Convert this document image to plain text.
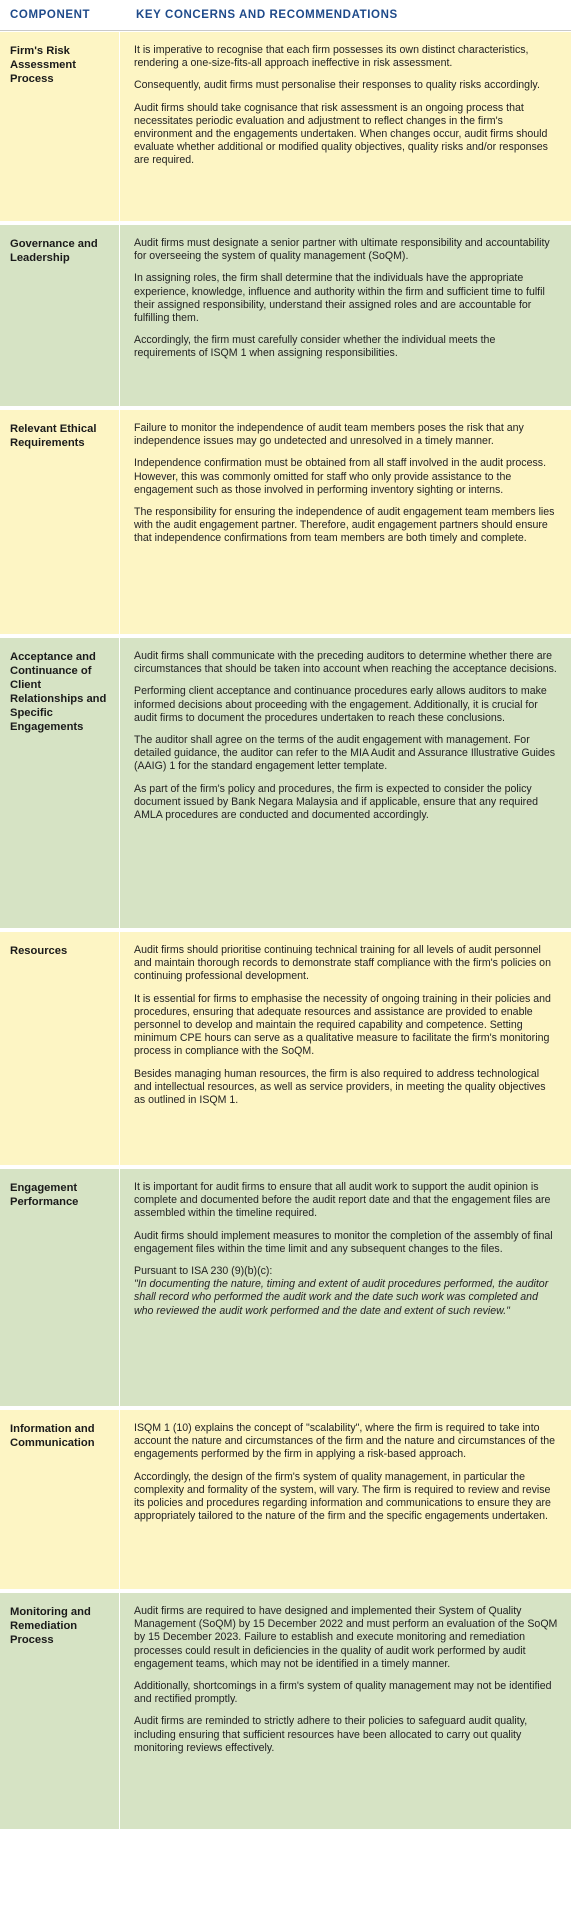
COMPONENT	KEY CONCERNS AND RECOMMENDATIONS
Firm's Risk Assessment Process

It is imperative to recognise that each firm possesses its own distinct characteristics, rendering a one-size-fits-all approach ineffective in risk assessment.

Consequently, audit firms must personalise their responses to quality risks accordingly.

Audit firms should take cognisance that risk assessment is an ongoing process that necessitates periodic evaluation and adjustment to reflect changes in the firm's environment and the engagements undertaken. When changes occur, audit firms should evaluate whether additional or modified quality objectives, quality risks and/or responses are required.

Governance and Leadership

Audit firms must designate a senior partner with ultimate responsibility and accountability for overseeing the system of quality management (SoQM).

In assigning roles, the firm shall determine that the individuals have the appropriate experience, knowledge, influence and authority within the firm and sufficient time to fulfil their assigned responsibility, understand their assigned roles and are accountable for fulfilling them.

Accordingly, the firm must carefully consider whether the individual meets the requirements of ISQM 1 when assigning responsibilities.

Relevant Ethical Requirements

Failure to monitor the independence of audit team members poses the risk that any independence issues may go undetected and unresolved in a timely manner.

Independence confirmation must be obtained from all staff involved in the audit process. However, this was commonly omitted for staff who only provide assistance to the engagement such as those involved in performing inventory sighting or interns.

The responsibility for ensuring the independence of audit engagement team members lies with the audit engagement partner. Therefore, audit engagement partners should ensure that independence confirmations from team members are both timely and complete.

Acceptance and Continuance of Client Relationships and Specific Engagements

Audit firms shall communicate with the preceding auditors to determine whether there are circumstances that should be taken into account when reaching the acceptance decisions.

Performing client acceptance and continuance procedures early allows auditors to make informed decisions about proceeding with the engagement. Additionally, it is crucial for audit firms to document the procedures undertaken to reach these conclusions.

The auditor shall agree on the terms of the audit engagement with management. For detailed guidance, the auditor can refer to the MIA Audit and Assurance Illustrative Guides (AAIG) 1 for the standard engagement letter template.

As part of the firm's policy and procedures, the firm is expected to consider the policy document issued by Bank Negara Malaysia and if applicable, ensure that any required AMLA procedures are conducted and documented accordingly.

Resources	Audit firms should prioritise continuing technical training for all levels of audit personnel and maintain thorough records to demonstrate staff compliance with the firm's policies on continuing professional development.

It is essential for firms to emphasise the necessity of ongoing training in their policies and procedures, ensuring that adequate resources and assistance are provided to enable personnel to develop and maintain the required capability and competence. Setting minimum CPE hours can serve as a qualitative measure to facilitate the firm's monitoring process in compliance with the SoQM.

Besides managing human resources, the firm is also required to address technological and intellectual resources, as well as service providers, in meeting the quality objectives as outlined in ISQM 1.

Engagement Performance

It is important for audit firms to ensure that all audit work to support the audit opinion is complete and documented before the audit report date and that the engagement files are assembled within the timeline required.

Audit firms should implement measures to monitor the completion of the assembly of final engagement files within the time limit and any subsequent changes to the files.

Pursuant to ISA 230 (9)(b)(c):

"In documenting the nature, timing and extent of audit procedures performed, the auditor shall record who performed the audit work and the date such work was completed and who reviewed the audit work performed and the date and extent of such review."

Information and Communication

ISQM 1 (10) explains the concept of "scalability", where the firm is required to take into account the nature and circumstances of the firm and the nature and circumstances of the engagements performed by the firm in applying a risk-based approach.

Accordingly, the design of the firm's system of quality management, in particular the complexity and formality of the system, will vary. The firm is required to review and revise its policies and procedures regarding information and communications to ensure they are appropriately tailored to the nature of the firm and the specific engagements undertaken.

Monitoring and Remediation Process

Audit firms are required to have designed and implemented their System of Quality Management (SoQM) by 15 December 2022 and must perform an evaluation of the SoQM by 15 December 2023. Failure to establish and execute monitoring and remediation processes could result in deficiencies in the quality of audit work performed by audit engagement teams, which may not be identified in a timely manner.

Additionally, shortcomings in a firm's system of quality management may not be identified and rectified promptly.

Audit firms are reminded to strictly adhere to their policies to safeguard audit quality, including ensuring that sufficient resources have been allocated to carry out quality monitoring reviews effectively.
